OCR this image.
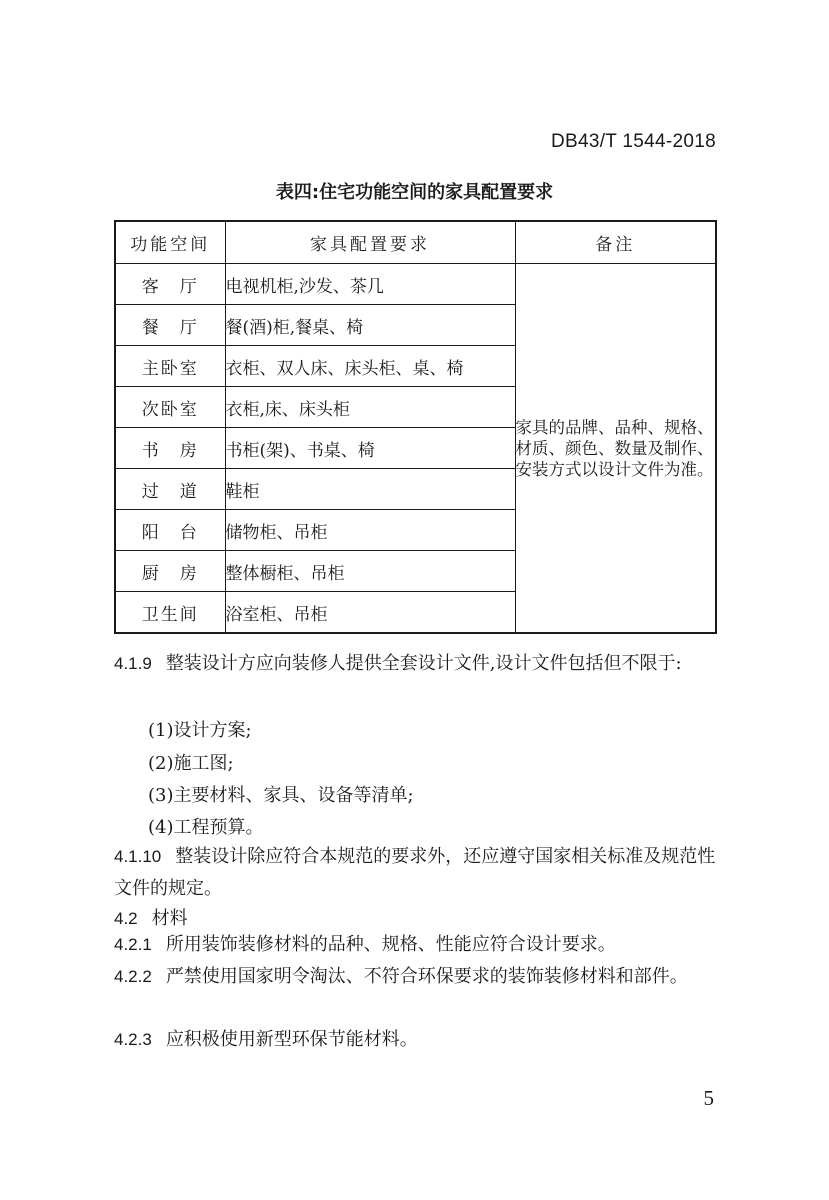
DB43/T 1544-2018
表四:住宅功能空间的家具配置要求
功能空间	家具配置要求	备注
客　厅	电视机柜,沙发、茶几	家具的品牌、品种、规格、材质、颜色、数量及制作、安装方式以设计文件为准。
餐　厅	餐(酒)柜,餐桌、椅	
主卧室	衣柜、双人床、床头柜、桌、椅	
次卧室	衣柜,床、床头柜	
书　房	书柜(架)、书桌、椅	
过　道	鞋柜	
阳　台	储物柜、吊柜	
厨　房	整体橱柜、吊柜	
卫生间	浴室柜、吊柜	
4.1.9 整装设计方应向装修人提供全套设计文件,设计文件包括但不限于:
(1)设计方案;
(2)施工图;
(3)主要材料、家具、设备等清单;
(4)工程预算。
4.1.10 整装设计除应符合本规范的要求外，还应遵守国家相关标准及规范性文件的规定。
4.2 材料
4.2.1 所用装饰装修材料的品种、规格、性能应符合设计要求。
4.2.2 严禁使用国家明令淘汰、不符合环保要求的装饰装修材料和部件。
4.2.3 应积极使用新型环保节能材料。
5
